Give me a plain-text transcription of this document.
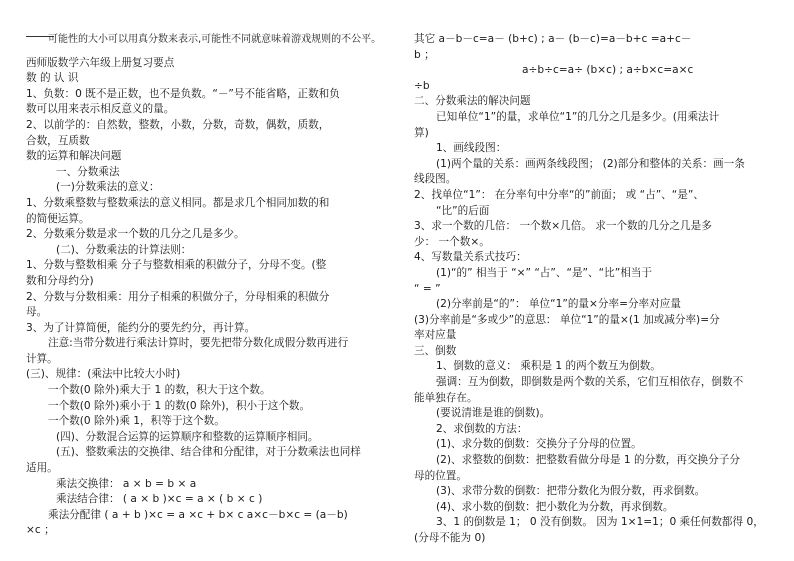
可能性的大小可以用真分数来表示,可能性不同就意味着游戏规则的不公平。
西师版数学六年级上册复习要点
数 的 认 识
1、负数：0 既不是正数，也不是负数。“－”号不能省略，正数和负
数可以用来表示相反意义的量。
2、以前学的：自然数，整数，小数，分数，奇数，偶数，质数，
合数，互质数
数的运算和解决问题
一、分数乘法
(一)分数乘法的意义：
1、分数乘整数与整数乘法的意义相同。都是求几个相同加数的和
的简便运算。
2、分数乘分数是求一个数的几分之几是多少。
(二)、分数乘法的计算法则：
1、分数与整数相乘 分子与整数相乘的积做分子，分母不变。(整
数和分母约分)
2、分数与分数相乘：用分子相乘的积做分子，分母相乘的积做分
母。
3、为了计算简便，能约分的要先约分，再计算。
注意:当带分数进行乘法计算时，要先把带分数化成假分数再进行
计算。
(三)、规律：(乘法中比较大小时)
一个数(0 除外)乘大于 1 的数，积大于这个数。
一个数(0 除外)乘小于 1 的数(0 除外)，积小于这个数。
一个数(0 除外)乘 1，积等于这个数。
(四)、分数混合运算的运算顺序和整数的运算顺序相同。
(五)、整数乘法的交换律、结合律和分配律，对于分数乘法也同样
适用。
乘法交换律： a × b = b × a
乘法结合律： ( a × b )×c = a × ( b × c )
乘法分配律 ( a + b )×c = a ×c + b× c a×c－b×c = (a－b)
×c ；
其它 a－b－c=a－ (b+c) ; a－ (b－c)=a－b+c =a+c－
b ；
a÷b÷c=a÷ (b×c) ; a÷b×c=a×c
÷b
二、分数乘法的解决问题
已知单位“1”的量，求单位“1”的几分之几是多少。(用乘法计
算)
1、画线段图：
(1)两个量的关系：画两条线段图； (2)部分和整体的关系：画一条
线段图。
2、找单位“1”： 在分率句中分率“的”前面； 或 “占”、“是”、
“比”的后面
3、求一个数的几倍： 一个数×几倍。 求一个数的几分之几是多
少： 一个数×。
4、写数量关系式技巧：
(1)“的” 相当于 “×” “占”、“是”、“比”相当于
“ = ”
(2)分率前是“的”： 单位“1”的量×分率=分率对应量
(3)分率前是“多或少”的意思： 单位“1”的量×(1 加或减分率)=分
率对应量
三、倒数
1、倒数的意义： 乘积是 1 的两个数互为倒数。
强调：互为倒数，即倒数是两个数的关系，它们互相依存，倒数不
能单独存在。
(要说清谁是谁的倒数)。
2、求倒数的方法：
(1)、求分数的倒数：交换分子分母的位置。
(2)、求整数的倒数：把整数看做分母是 1 的分数，再交换分子分
母的位置。
(3)、求带分数的倒数：把带分数化为假分数，再求倒数。
(4)、求小数的倒数：把小数化为分数，再求倒数。
3、1 的倒数是 1； 0 没有倒数。 因为 1×1=1；0 乘任何数都得 0，
(分母不能为 0)
